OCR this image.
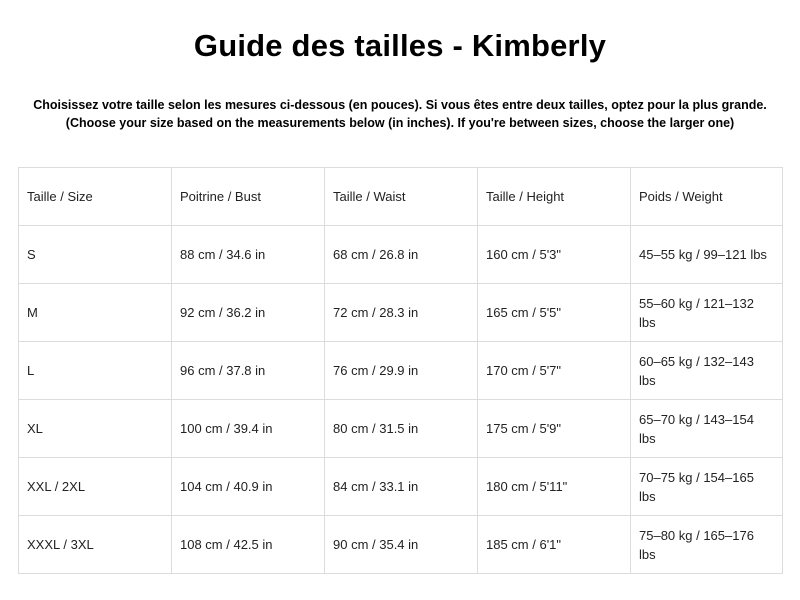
Guide des tailles - Kimberly
Choisissez votre taille selon les mesures ci-dessous (en pouces). Si vous êtes entre deux tailles, optez pour la plus grande.
(Choose your size based on the measurements below (in inches). If you're between sizes, choose the larger one)
Taille / Size	Poitrine / Bust	Taille / Waist	Taille / Height	Poids / Weight
S	88 cm / 34.6 in	68 cm / 26.8 in	160 cm / 5'3"	45–55 kg / 99–121 lbs
M	92 cm / 36.2 in	72 cm / 28.3 in	165 cm / 5'5"	55–60 kg / 121–132 lbs
L	96 cm / 37.8 in	76 cm / 29.9 in	170 cm / 5'7"	60–65 kg / 132–143 lbs
XL	100 cm / 39.4 in	80 cm / 31.5 in	175 cm / 5'9"	65–70 kg / 143–154 lbs
XXL / 2XL	104 cm / 40.9 in	84 cm / 33.1 in	180 cm / 5'11"	70–75 kg / 154–165 lbs
XXXL / 3XL	108 cm / 42.5 in	90 cm / 35.4 in	185 cm / 6'1"	75–80 kg / 165–176 lbs
